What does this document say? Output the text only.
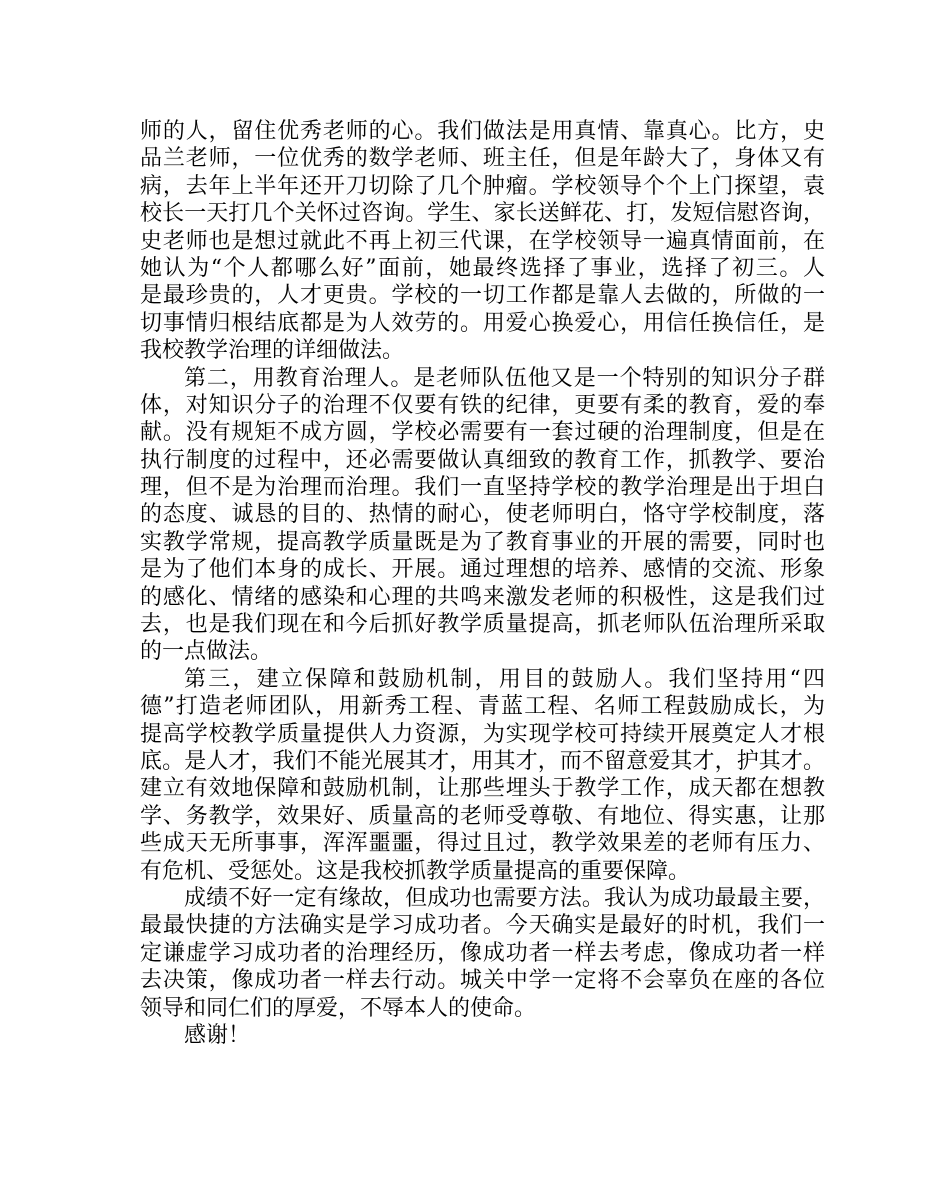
师的人，留住优秀老师的心。我们做法是用真情、靠真心。比方，史
品兰老师，一位优秀的数学老师、班主任，但是年龄大了，身体又有
病，去年上半年还开刀切除了几个肿瘤。学校领导个个上门探望，袁
校长一天打几个关怀过咨询。学生、家长送鲜花、打，发短信慰咨询，
史老师也是想过就此不再上初三代课，在学校领导一遍真情面前，在
她认为“个人都哪么好”面前，她最终选择了事业，选择了初三。人
是最珍贵的，人才更贵。学校的一切工作都是靠人去做的，所做的一
切事情归根结底都是为人效劳的。用爱心换爱心，用信任换信任，是
我校教学治理的详细做法。
第二，用教育治理人。是老师队伍他又是一个特别的知识分子群
体，对知识分子的治理不仅要有铁的纪律，更要有柔的教育，爱的奉
献。没有规矩不成方圆，学校必需要有一套过硬的治理制度，但是在
执行制度的过程中，还必需要做认真细致的教育工作，抓教学、要治
理，但不是为治理而治理。我们一直坚持学校的教学治理是出于坦白
的态度、诚恳的目的、热情的耐心，使老师明白，恪守学校制度，落
实教学常规，提高教学质量既是为了教育事业的开展的需要，同时也
是为了他们本身的成长、开展。通过理想的培养、感情的交流、形象
的感化、情绪的感染和心理的共鸣来激发老师的积极性，这是我们过
去，也是我们现在和今后抓好教学质量提高，抓老师队伍治理所采取
的一点做法。
第三，建立保障和鼓励机制，用目的鼓励人。我们坚持用“四
德”打造老师团队，用新秀工程、青蓝工程、名师工程鼓励成长，为
提高学校教学质量提供人力资源，为实现学校可持续开展奠定人才根
底。是人才，我们不能光展其才，用其才，而不留意爱其才，护其才。
建立有效地保障和鼓励机制，让那些埋头于教学工作，成天都在想教
学、务教学，效果好、质量高的老师受尊敬、有地位、得实惠，让那
些成天无所事事，浑浑噩噩，得过且过，教学效果差的老师有压力、
有危机、受惩处。这是我校抓教学质量提高的重要保障。
成绩不好一定有缘故，但成功也需要方法。我认为成功最最主要，
最最快捷的方法确实是学习成功者。今天确实是最好的时机，我们一
定谦虚学习成功者的治理经历，像成功者一样去考虑，像成功者一样
去决策，像成功者一样去行动。城关中学一定将不会辜负在座的各位
领导和同仁们的厚爱，不辱本人的使命。
感谢！
